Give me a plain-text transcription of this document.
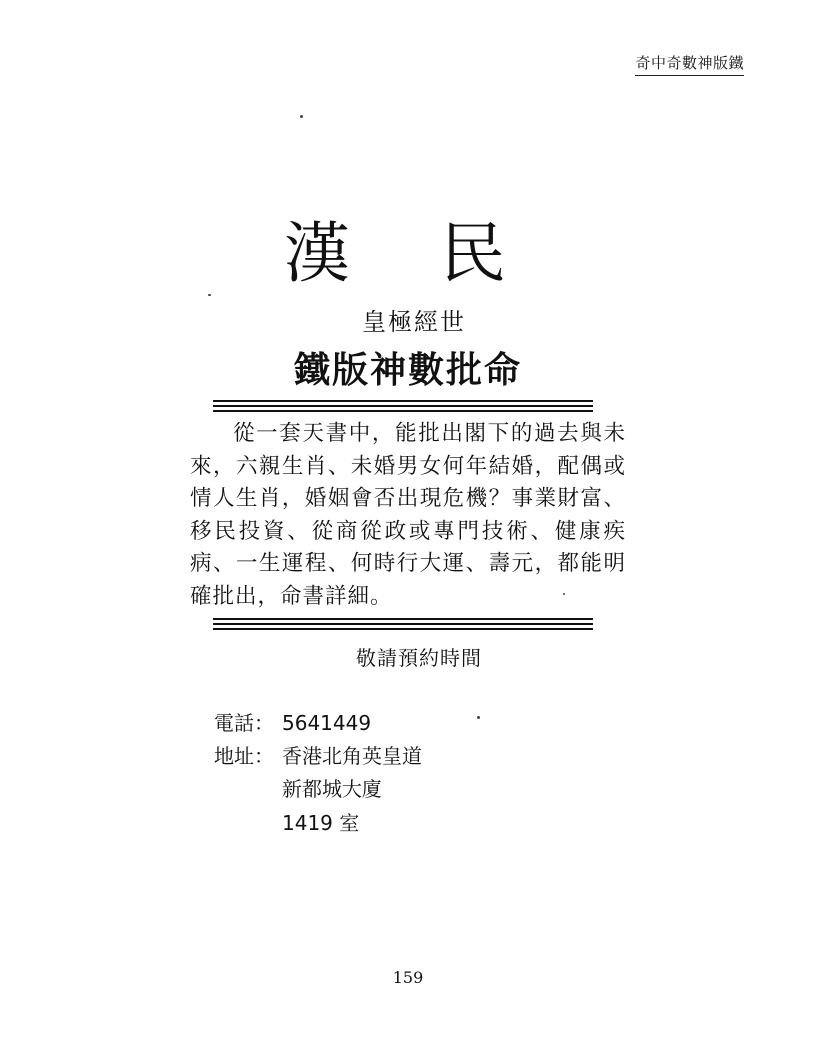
奇中奇數神版鐵
漢 民
皇極經世
鐵版神數批命
從一套天書中，能批出閣下的過去與未來，六親生肖、未婚男女何年結婚，配偶或情人生肖，婚姻會否出現危機？事業財富、移民投資、從商從政或專門技術、健康疾病、一生運程、何時行大運、壽元，都能明確批出，命書詳細。
敬請預約時間
電話： 5641449
地址： 香港北角英皇道
新都城大廈
1419 室
159
